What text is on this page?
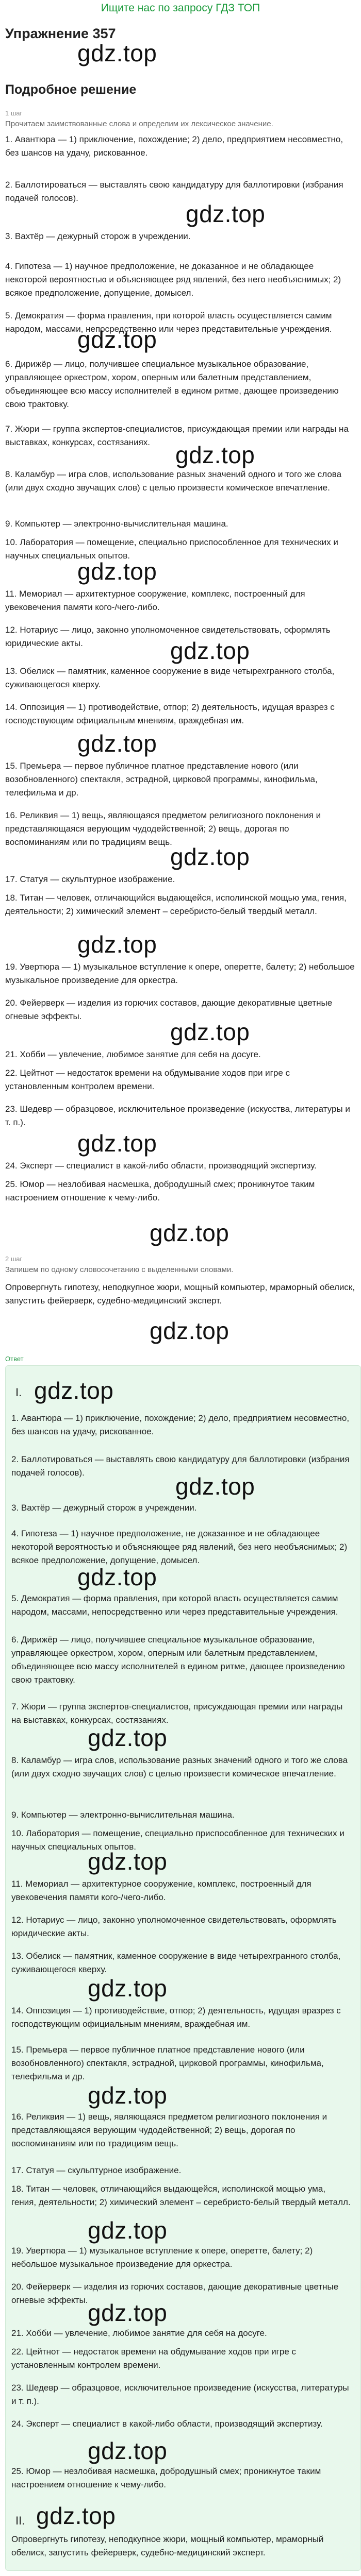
Ищите нас по запросу ГДЗ ТОП
Упражнение 357
gdz.top
Подробное решение
1 шаг
Прочитаем заимствованные слова и определим их лексическое значение.
1. Авантюра — 1) приключение, похождение; 2) дело, предприятием несовместно, без шансов на удачу, рискованное.
2. Баллотироваться — выставлять свою кандидатуру для баллотировки (избрания подачей голосов).
gdz.top
3. Вахтёр — дежурный сторож в учреждении.
4. Гипотеза — 1) научное предположение, не доказанное и не обладающее некоторой вероятностью и объясняющее ряд явлений, без него необъяснимых; 2) всякое предположение, допущение, домысел.
5. Демократия — форма правления, при которой власть осуществляется самим народом, массами, непосредственно или через представительные учреждения.
gdz.top
6. Дирижёр — лицо, получившее специальное музыкальное образование, управляющее оркестром, хором, оперным или балетным представлением, объединяющее всю массу исполнителей в едином ритме, дающее произведению свою трактовку.
7. Жюри — группа экспертов-специалистов, присуждающая премии или награды на выставках, конкурсах, состязаниях.	gdz.top
8. Каламбур — игра слов, использование разных значений одного и того же слова (или двух сходно звучащих слов) с целью произвести комическое впечатление.
9. Компьютер — электронно-вычислительная машина.
10. Лаборатория — помещение, специально приспособленное для технических и научных специальных опытов.
gdz.top
11. Мемориал — архитектурное сооружение, комплекс, построенный для увековечения памяти кого-/чего-либо.
12. Нотариус — лицо, законно уполномоченное свидетельствовать, оформлять юридические акты.	gdz.top
13. Обелиск — памятник, каменное сооружение в виде четырехгранного столба, суживающегося кверху.
14. Оппозиция — 1) противодействие, отпор; 2) деятельность, идущая вразрез с господствующим официальным мнениям, враждебная им.
gdz.top
15. Премьера — первое публичное платное представление нового (или возобновленного) спектакля, эстрадной, цирковой программы, кинофильма, телефильма и др.
16. Реликвия — 1) вещь, являющаяся предметом религиозного поклонения и представляющаяся верующим чудодейственной; 2) вещь, дорогая по воспоминаниям или по традициям вещь.
gdz.top
17. Статуя — скульптурное изображение.
18. Титан — человек, отличающийся выдающейся, исполинской мощью ума, гения, деятельности; 2) химический элемент – серебристо-белый твердый металл.
gdz.top
19. Увертюра — 1) музыкальное вступление к опере, оперетте, балету; 2) небольшое музыкальное произведение для оркестра.
20. Фейерверк — изделия из горючих составов, дающие декоративные цветные огневые эффекты.
gdz.top
21. Хобби — увлечение, любимое занятие для себя на досуге.
22. Цейтнот — недостаток времени на обдумывание ходов при игре с установленным контролем времени.
23. Шедевр — образцовое, исключительное произведение (искусства, литературы и т. п.).
gdz.top
24. Эксперт — специалист в какой-либо области, производящий экспертизу.
25. Юмор — незлобивая насмешка, добродушный смех; проникнутое таким настроением отношение к чему-либо.
gdz.top
2 шаг
Запишем по одному словосочетанию с выделенными словами.
Опровергнуть гипотезу, неподкупное жюри, мощный компьютер, мраморный обелиск, запустить фейерверк, судебно-медицинский эксперт.
gdz.top
Ответ
I. gdz.top
1. Авантюра — 1) приключение, похождение; 2) дело, предприятием несовместно, без шансов на удачу, рискованное.
2. Баллотироваться — выставлять свою кандидатуру для баллотировки (избрания подачей голосов).
gdz.top
3. Вахтёр — дежурный сторож в учреждении.
4. Гипотеза — 1) научное предположение, не доказанное и не обладающее некоторой вероятностью и объясняющее ряд явлений, без него необъяснимых; 2) всякое предположение, допущение, домысел.
gdz.top
5. Демократия — форма правления, при которой власть осуществляется самим народом, массами, непосредственно или через представительные учреждения.
6. Дирижёр — лицо, получившее специальное музыкальное образование, управляющее оркестром, хором, оперным или балетным представлением, объединяющее всю массу исполнителей в едином ритме, дающее произведению свою трактовку.
7. Жюри — группа экспертов-специалистов, присуждающая премии или награды на выставках, конкурсах, состязаниях.
gdz.top
8. Каламбур — игра слов, использование разных значений одного и того же слова (или двух сходно звучащих слов) с целью произвести комическое впечатление.
9. Компьютер — электронно-вычислительная машина.
10. Лаборатория — помещение, специально приспособленное для технических и научных специальных опытов.
gdz.top
11. Мемориал — архитектурное сооружение, комплекс, построенный для увековечения памяти кого-/чего-либо.
12. Нотариус — лицо, законно уполномоченное свидетельствовать, оформлять юридические акты.
13. Обелиск — памятник, каменное сооружение в виде четырехгранного столба, суживающегося кверху.
gdz.top
14. Оппозиция — 1) противодействие, отпор; 2) деятельность, идущая вразрез с господствующим официальным мнениям, враждебная им.
15. Премьера — первое публичное платное представление нового (или возобновленного) спектакля, эстрадной, цирковой программы, кинофильма, телефильма и др.
gdz.top
16. Реликвия — 1) вещь, являющаяся предметом религиозного поклонения и представляющаяся верующим чудодейственной; 2) вещь, дорогая по воспоминаниям или по традициям вещь.
17. Статуя — скульптурное изображение.
18. Титан — человек, отличающийся выдающейся, исполинской мощью ума, гения, деятельности; 2) химический элемент – серебристо-белый твердый металл.
gdz.top
19. Увертюра — 1) музыкальное вступление к опере, оперетте, балету; 2) небольшое музыкальное произведение для оркестра.
20. Фейерверк — изделия из горючих составов, дающие декоративные цветные огневые эффекты. gdz.top
21. Хобби — увлечение, любимое занятие для себя на досуге.
22. Цейтнот — недостаток времени на обдумывание ходов при игре с установленным контролем времени.
23. Шедевр — образцовое, исключительное произведение (искусства, литературы и т. п.).
24. Эксперт — специалист в какой-либо области, производящий экспертизу.
gdz.top
25. Юмор — незлобивая насмешка, добродушный смех; проникнутое таким настроением отношение к чему-либо.
II. gdz.top
Опровергнуть гипотезу, неподкупное жюри, мощный компьютер, мраморный обелиск, запустить фейерверк, судебно-медицинский эксперт.
